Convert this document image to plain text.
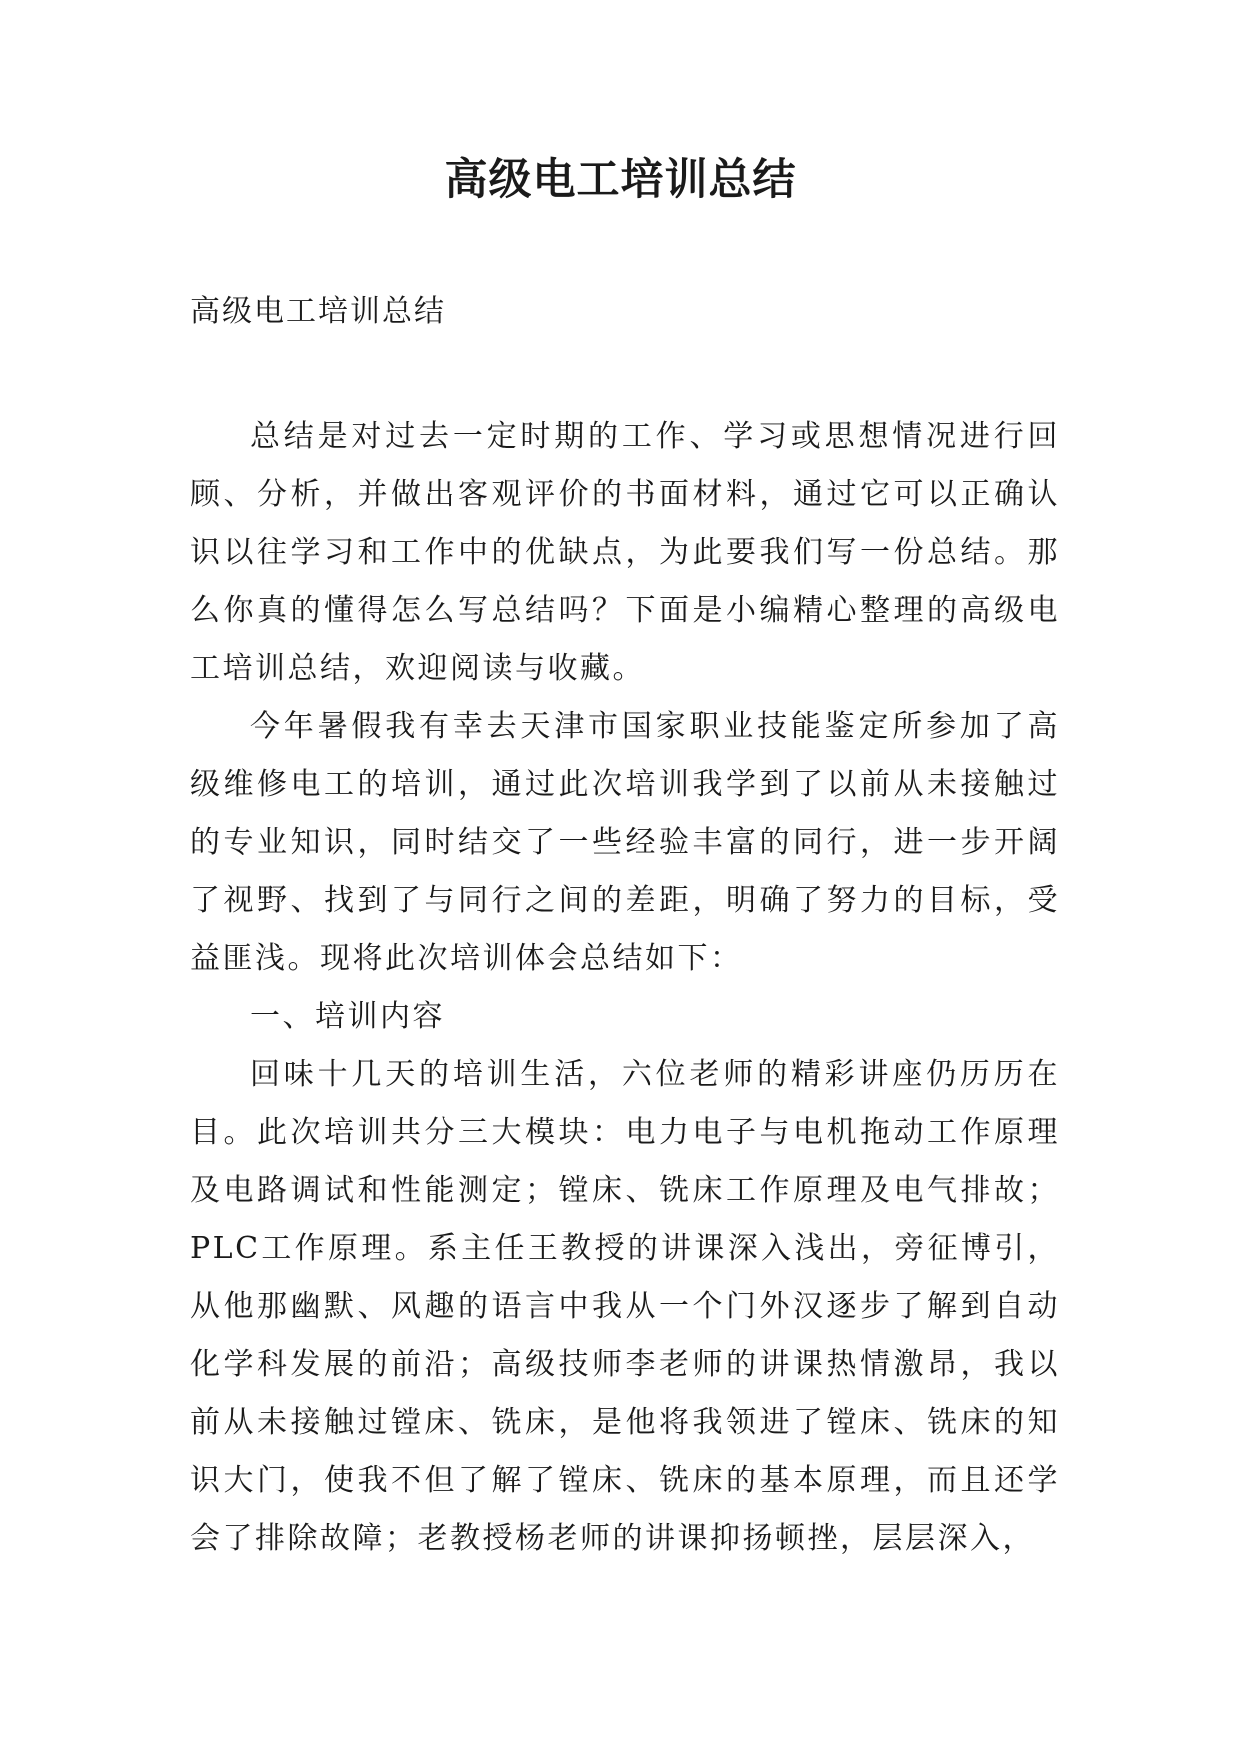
高级电工培训总结

高级电工培训总结

总结是对过去一定时期的工作、学习或思想情况进行回顾、分析，并做出客观评价的书面材料，通过它可以正确认识以往学习和工作中的优缺点，为此要我们写一份总结。那么你真的懂得怎么写总结吗？下面是小编精心整理的高级电工培训总结，欢迎阅读与收藏。

今年暑假我有幸去天津市国家职业技能鉴定所参加了高级维修电工的培训，通过此次培训我学到了以前从未接触过的专业知识，同时结交了一些经验丰富的同行，进一步开阔了视野、找到了与同行之间的差距，明确了努力的目标，受益匪浅。现将此次培训体会总结如下：

一、培训内容

回味十几天的培训生活，六位老师的精彩讲座仍历历在目。此次培训共分三大模块：电力电子与电机拖动工作原理及电路调试和性能测定；镗床、铣床工作原理及电气排故；PLC工作原理。系主任王教授的讲课深入浅出，旁征博引，从他那幽默、风趣的语言中我从一个门外汉逐步了解到自动化学科发展的前沿；高级技师李老师的讲课热情激昂，我以前从未接触过镗床、铣床，是他将我领进了镗床、铣床的知识大门，使我不但了解了镗床、铣床的基本原理，而且还学会了排除故障；老教授杨老师的讲课抑扬顿挫，层层深入，
